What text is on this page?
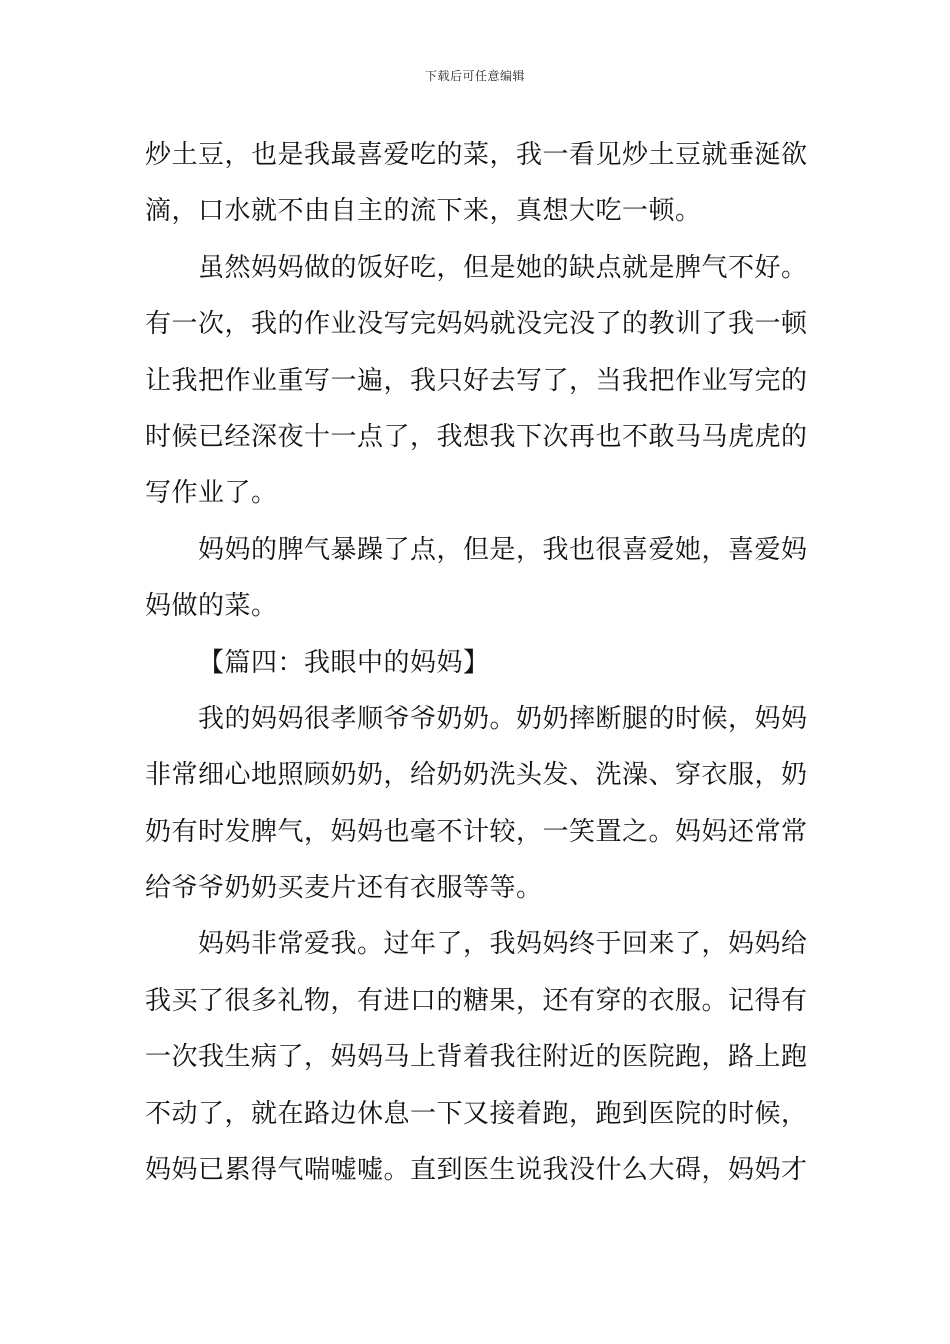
下载后可任意编辑
炒土豆，也是我最喜爱吃的菜，我一看见炒土豆就垂涎欲
滴，口水就不由自主的流下来，真想大吃一顿。
虽然妈妈做的饭好吃，但是她的缺点就是脾气不好。
有一次，我的作业没写完妈妈就没完没了的教训了我一顿
让我把作业重写一遍，我只好去写了，当我把作业写完的
时候已经深夜十一点了，我想我下次再也不敢马马虎虎的
写作业了。
妈妈的脾气暴躁了点，但是，我也很喜爱她，喜爱妈
妈做的菜。
【篇四：我眼中的妈妈】
我的妈妈很孝顺爷爷奶奶。奶奶摔断腿的时候，妈妈
非常细心地照顾奶奶，给奶奶洗头发、洗澡、穿衣服，奶
奶有时发脾气，妈妈也毫不计较，一笑置之。妈妈还常常
给爷爷奶奶买麦片还有衣服等等。
妈妈非常爱我。过年了，我妈妈终于回来了，妈妈给
我买了很多礼物，有进口的糖果，还有穿的衣服。记得有
一次我生病了，妈妈马上背着我往附近的医院跑，路上跑
不动了，就在路边休息一下又接着跑，跑到医院的时候，
妈妈已累得气喘嘘嘘。直到医生说我没什么大碍，妈妈才
